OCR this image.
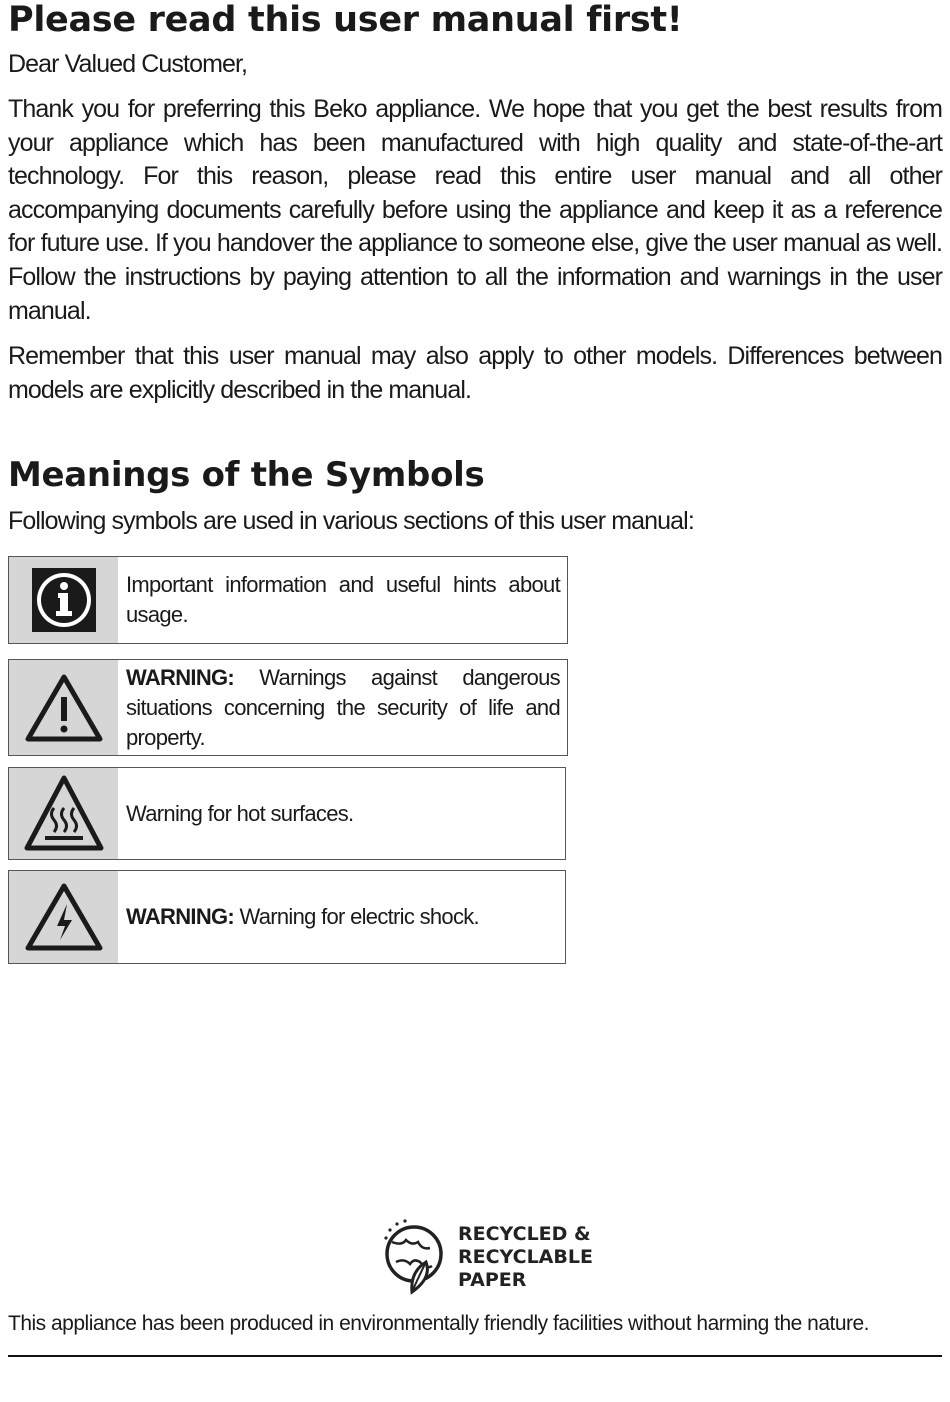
Please read this user manual first!
Dear Valued Customer,
Thank you for preferring this Beko appliance. We hope that you get the best results from your appliance which has been manufactured with high quality and state-of-the-art technology. For this reason, please read this entire user manual and all other accompanying documents carefully before using the appliance and keep it as a reference for future use. If you handover the appliance to someone else, give the user manual as well. Follow the instructions by paying attention to all the information and warnings in the user manual.
Remember that this user manual may also apply to other models. Differences between models are explicitly described in the manual.
Meanings of the Symbols
Following symbols are used in various sections of this user manual:
Important information and useful hints about usage.
WARNING: Warnings against dangerous situations concerning the security of life and property.
Warning for hot surfaces.
WARNING: Warning for electric shock.
RECYCLED &
RECYCLABLE
PAPER
This appliance has been produced in environmentally friendly facilities without harming the nature.
